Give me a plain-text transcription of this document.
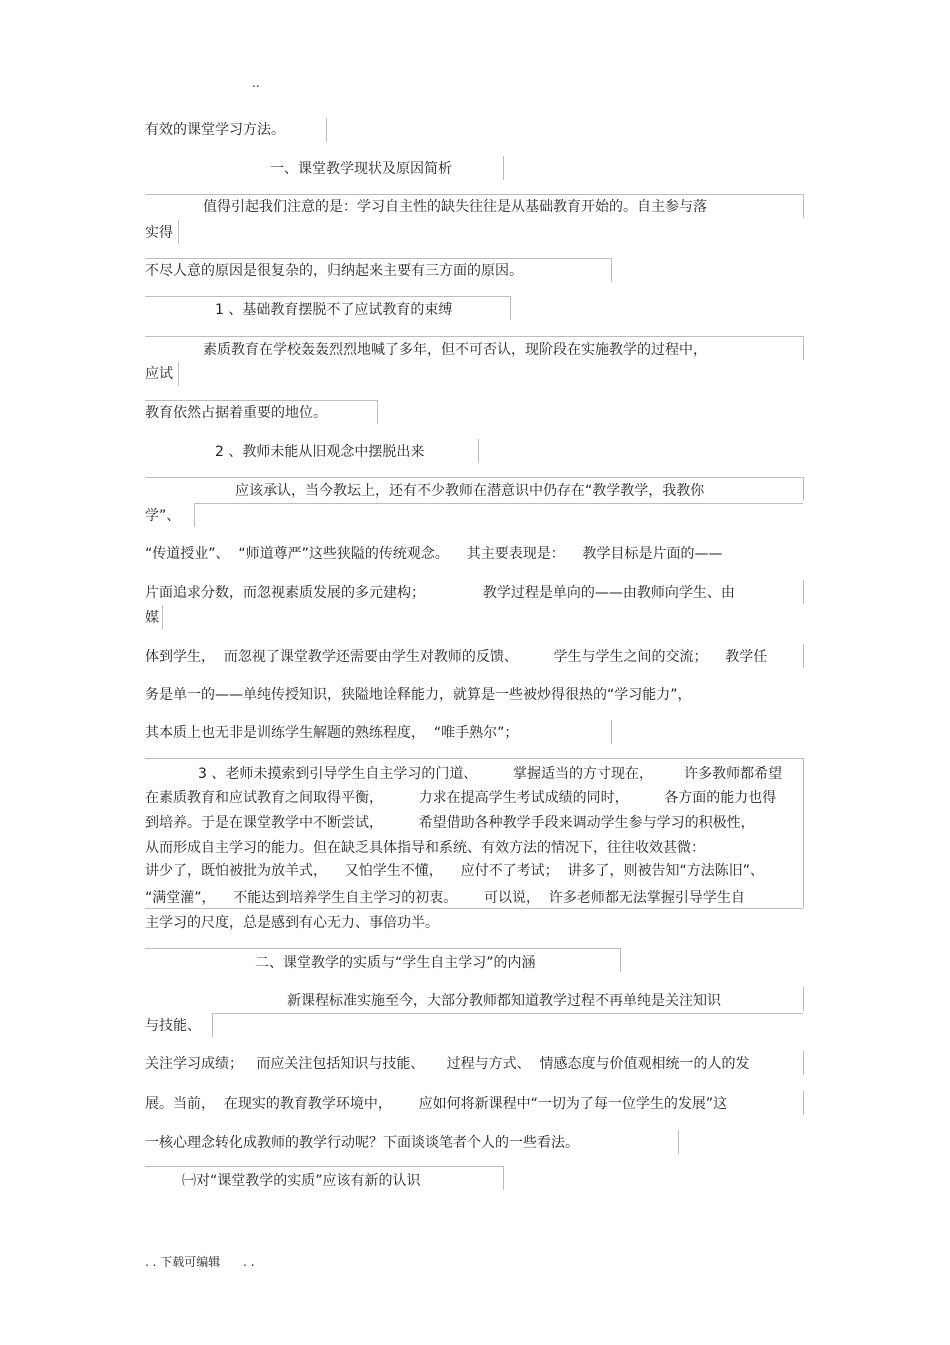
..
有效的课堂学习方法。
一、课堂教学现状及原因简析
值得引起我们注意的是：学习自主性的缺失往往是从基础教育开始的。自主参与落
实得
不尽人意的原因是很复杂的，归纳起来主要有三方面的原因。
1 、基础教育摆脱不了应试教育的束缚
素质教育在学校轰轰烈烈地喊了多年，但不可否认，现阶段在实施教学的过程中，
应试
教育依然占据着重要的地位。
2 、教师未能从旧观念中摆脱出来
应该承认，当今教坛上，还有不少教师在潜意识中仍存在“教学教学，我教你
学”、
“传道授业”、  “师道尊严”这些狭隘的传统观念。    其主要表现是：    教学目标是片面的——
片面追求分数，而忽视素质发展的多元建构；             教学过程是单向的——由教师向学生、由
媒
体到学生，  而忽视了课堂教学还需要由学生对教师的反馈、        学生与学生之间的交流；    教学任
务是单一的——单纯传授知识，狭隘地诠释能力，就算是一些被炒得很热的“学习能力”，
其本质上也无非是训练学生解题的熟练程度，  “唯手熟尔”；
3 、老师未摸索到引导学生自主学习的门道、        掌握适当的方寸现在，       许多教师都希望
在素质教育和应试教育之间取得平衡，        力求在提高学生考试成绩的同时，        各方面的能力也得
到培养。于是在课堂教学中不断尝试，        希望借助各种教学手段来调动学生参与学习的积极性，
从而形成自主学习的能力。但在缺乏具体指导和系统、有效方法的情况下，往往收效甚微：
讲少了，既怕被批为放羊式，    又怕学生不懂，    应付不了考试；  讲多了，则被告知“方法陈旧”、
“满堂灌”，    不能达到培养学生自主学习的初衷。      可以说，  许多老师都无法掌握引导学生自
主学习的尺度，总是感到有心无力、事倍功半。
二、课堂教学的实质与“学生自主学习”的内涵
新课程标准实施至今，大部分教师都知道教学过程不再单纯是关注知识
与技能、
关注学习成绩；   而应关注包括知识与技能、     过程与方式、  情感态度与价值观相统一的人的发
展。当前，  在现实的教育教学环境中，      应如何将新课程中“一切为了每一位学生的发展”这
一核心理念转化成教师的教学行动呢？下面谈谈笔者个人的一些看法。
㈠对“课堂教学的实质”应该有新的认识
. . 下载可编辑      . .
